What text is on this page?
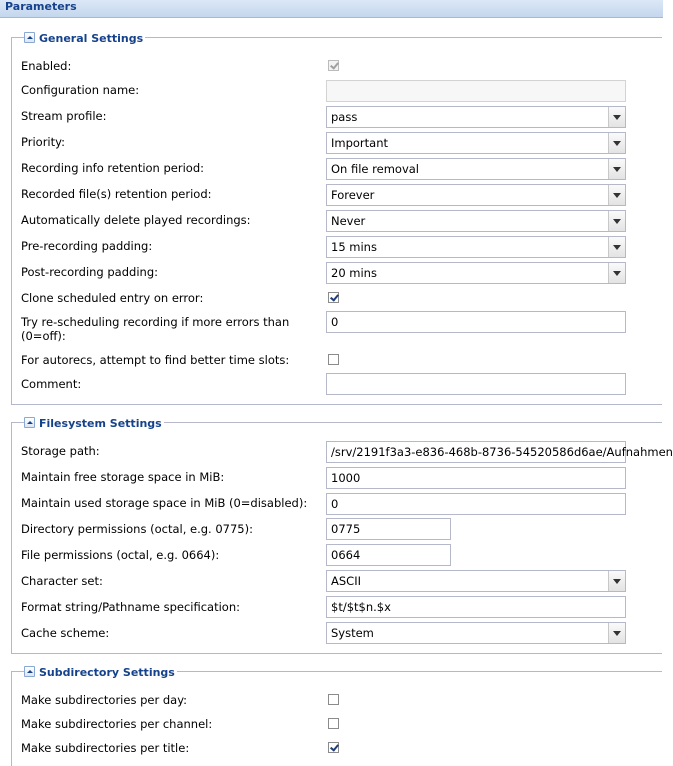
Parameters
General Settings
Enabled:
Configuration name:
Stream profile:	pass
Priority:	Important
Recording info retention period:	On file removal
Recorded file(s) retention period:	Forever
Automatically delete played recordings:	Never
Pre-recording padding:	15 mins
Post-recording padding:	20 mins
Clone scheduled entry on error:
Try re-scheduling recording if more errors than (0=off):
0
For autorecs, attempt to find better time slots:
Comment:
Filesystem Settings
Storage path:	/srv/2191f3a3-e836-468b-8736-54520586d6ae/Aufnahmen
Maintain free storage space in MiB:	1000
Maintain used storage space in MiB (0=disabled):	0
Directory permissions (octal, e.g. 0775):	0775
File permissions (octal, e.g. 0664):	0664
Character set:	ASCII
Format string/Pathname specification:	$t/$t$n.$x
Cache scheme:	System
Subdirectory Settings
Make subdirectories per day:
Make subdirectories per channel:
Make subdirectories per title:
